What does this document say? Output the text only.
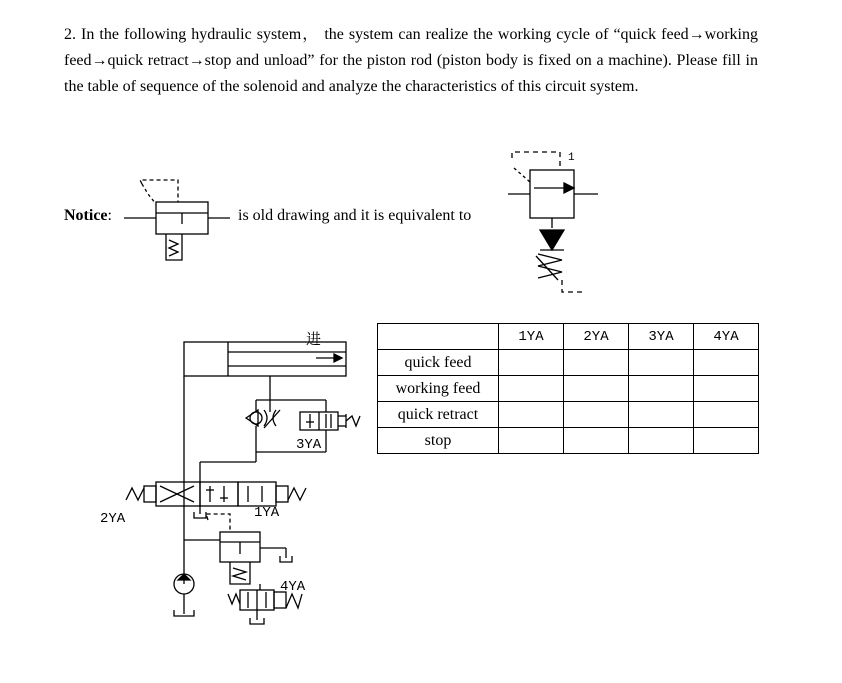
2. In the following hydraulic system， the system can realize the working cycle of “quick feed→working feed→quick retract→stop and unload” for the piston rod (piston body is fixed on a machine). Please fill in the table of sequence of the solenoid and analyze the characteristics of this circuit system.

Notice:	is old drawing and it is equivalent to
1
进
3YA
1YA
2YA
4YA
	1YA	2YA	3YA	4YA
quick feed				
working feed				
quick retract				
stop				
